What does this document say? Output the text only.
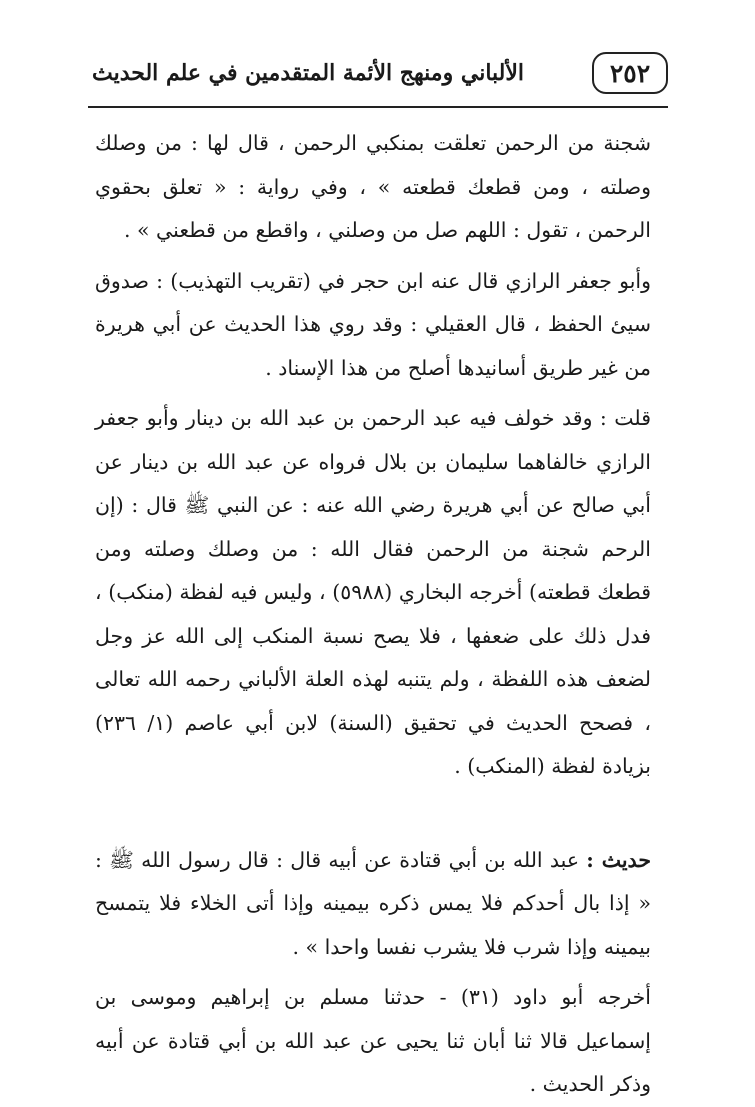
٢٥٢
الألباني ومنهج الأئمة المتقدمين في علم الحديث

شجنة من الرحمن تعلقت بمنكبي الرحمن ، قال لها : من وصلك وصلته ، ومن قطعك قطعته » ، وفي رواية : « تعلق بحقوي الرحمن ، تقول : اللهم صل من وصلني ، واقطع من قطعني » .

وأبو جعفر الرازي قال عنه ابن حجر في (تقريب التهذيب) : صدوق سيئ الحفظ ، قال العقيلي : وقد روي هذا الحديث عن أبي هريرة من غير طريق أسانيدها أصلح من هذا الإسناد .

قلت : وقد خولف فيه عبد الرحمن بن عبد الله بن دينار وأبو جعفر الرازي خالفاهما سليمان بن بلال فرواه عن عبد الله بن دينار عن أبي صالح عن أبي هريرة رضي الله عنه : عن النبي ﷺ قال : (إن الرحم شجنة من الرحمن فقال الله : من وصلك وصلته ومن قطعك قطعته) أخرجه البخاري (٥٩٨٨) ، وليس فيه لفظة (منكب) ، فدل ذلك على ضعفها ، فلا يصح نسبة المنكب إلى الله عز وجل لضعف هذه اللفظة ، ولم يتنبه لهذه العلة الألباني رحمه الله تعالى ، فصحح الحديث في تحقيق (السنة) لابن أبي عاصم (١/ ٢٣٦) بزيادة لفظة (المنكب) .

حديث : عبد الله بن أبي قتادة عن أبيه قال : قال رسول الله ﷺ : « إذا بال أحدكم فلا يمس ذكره بيمينه وإذا أتى الخلاء فلا يتمسح بيمينه وإذا شرب فلا يشرب نفسا واحدا » .

أخرجه أبو داود (٣١) - حدثنا مسلم بن إبراهيم وموسى بن إسماعيل قالا ثنا أبان ثنا يحيى عن عبد الله بن أبي قتادة عن أبيه وذكر الحديث .
